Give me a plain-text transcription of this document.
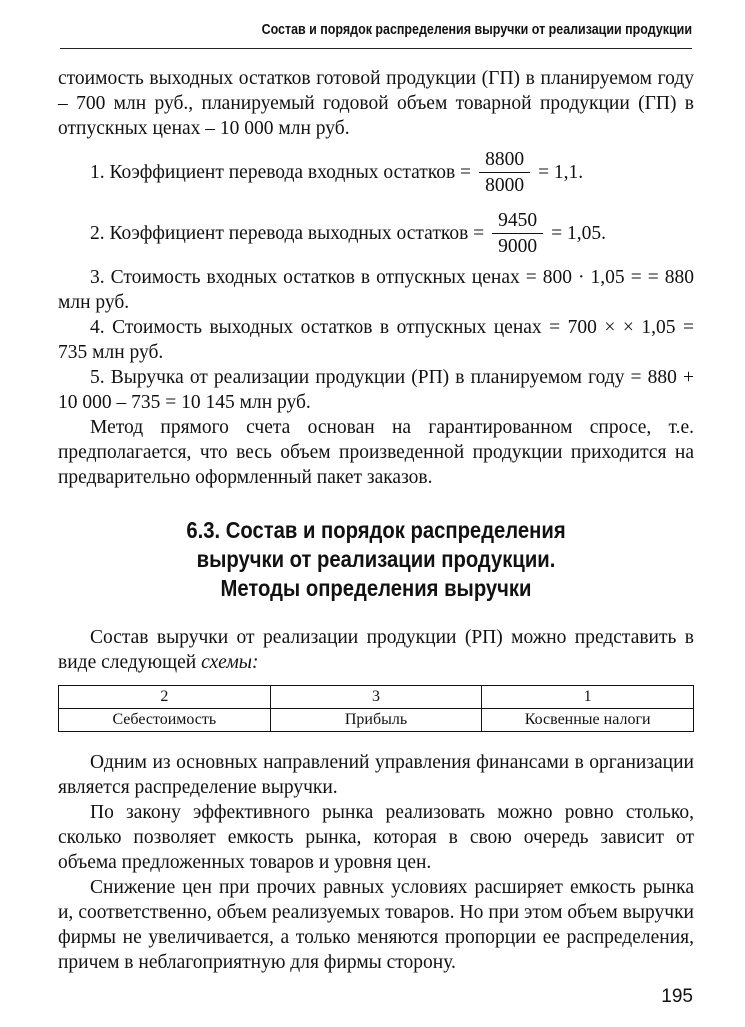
Состав и порядок распределения выручки от реализации продукции

стоимость выходных остатков готовой продукции (ГП) в планируемом году – 700 млн руб., планируемый годовой объем товарной продукции (ГП) в отпускных ценах – 10 000 млн руб.

1. Коэффициент перевода входных остатков = $\frac{8800}{8000} = 1,1$.
2. Коэффициент перевода выходных остатков = $\frac{9450}{9000} = 1,05$.

3. Стоимость входных остатков в отпускных ценах = 800 · 1,05 = = 880 млн руб.

4. Стоимость выходных остатков в отпускных ценах = 700 × × 1,05 = 735 млн руб.

5. Выручка от реализации продукции (РП) в планируемом году = 880 + 10 000 – 735 = 10 145 млн руб.

Метод прямого счета основан на гарантированном спросе, т.е. предполагается, что весь объем произведенной продукции приходится на предварительно оформленный пакет заказов.

6.3. Состав и порядок распределения
выручки от реализации продукции.
Методы определения выручки

Состав выручки от реализации продукции (РП) можно представить в виде следующей схемы:

2	3	1
Себестоимость	Прибыль	Косвенные налоги

Одним из основных направлений управления финансами в организации является распределение выручки.

По закону эффективного рынка реализовать можно ровно столько, сколько позволяет емкость рынка, которая в свою очередь зависит от объема предложенных товаров и уровня цен.

Снижение цен при прочих равных условиях расширяет емкость рынка и, соответственно, объем реализуемых товаров. Но при этом объем выручки фирмы не увеличивается, а только меняются пропорции ее распределения, причем в неблагоприятную для фирмы сторону.

195
